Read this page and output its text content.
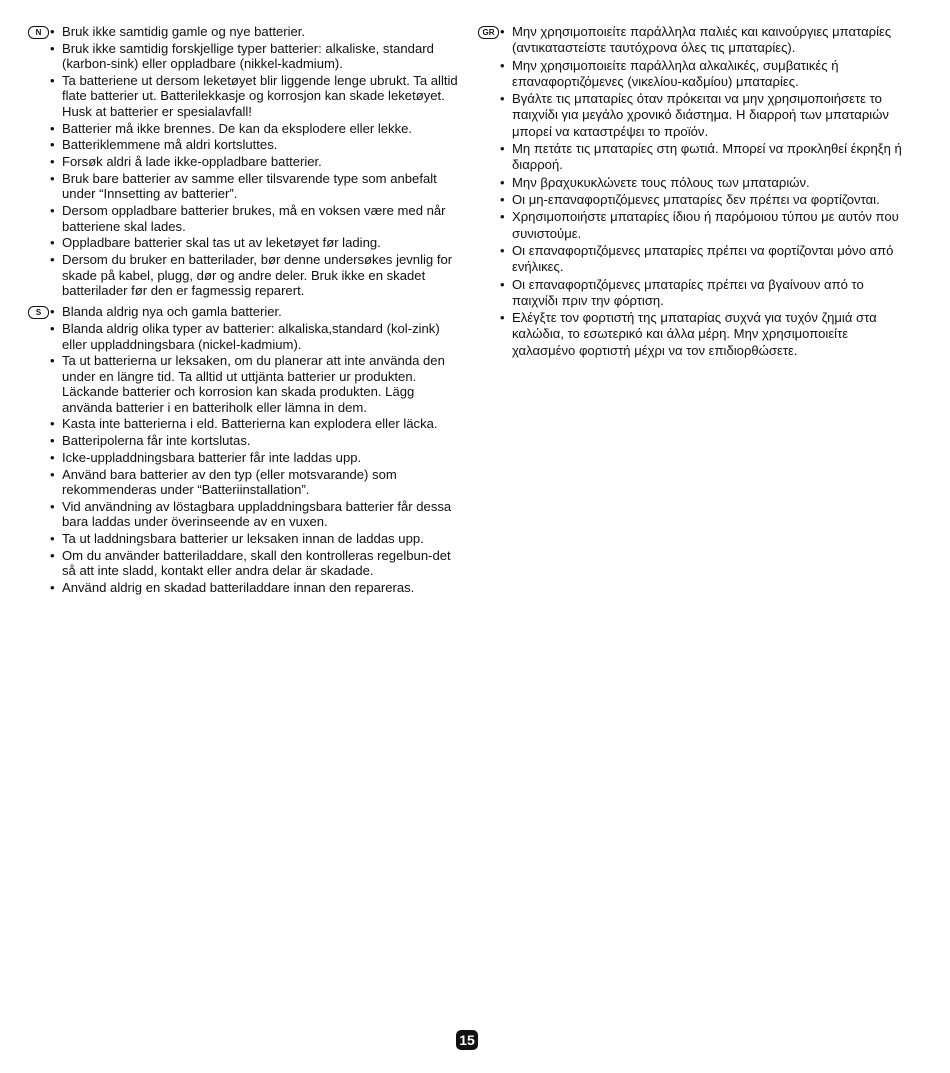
N	• Bruk ikke samtidig gamle og nye batterier.
• Bruk ikke samtidig forskjellige typer batterier: alkaliske, standard (karbon-sink) eller oppladbare (nikkel-kadmium).
• Ta batteriene ut dersom leketøyet blir liggende lenge ubrukt. Ta alltid flate batterier ut. Batterilekkasje og korrosjon kan skade leketøyet. Husk at batterier er spesialavfall!
• Batterier må ikke brennes. De kan da eksplodere eller lekke.
• Batteriklemmene må aldri kortsluttes.
• Forsøk aldri å lade ikke-oppladbare batterier.
• Bruk bare batterier av samme eller tilsvarende type som anbefalt under “Innsetting av batterier”.
• Dersom oppladbare batterier brukes, må en voksen være med når batteriene skal lades.
• Oppladbare batterier skal tas ut av leketøyet før lading.
• Dersom du bruker en batterilader, bør denne undersøkes jevnlig for skade på kabel, plugg, dør og andre deler. Bruk ikke en skadet batterilader før den er fagmessig reparert.
S	• Blanda aldrig nya och gamla batterier.
• Blanda aldrig olika typer av batterier: alkaliska,standard (kol-zink) eller uppladdningsbara (nickel-kadmium).
• Ta ut batterierna ur leksaken, om du planerar att inte använda den under en längre tid. Ta alltid ut uttjänta batterier ur produkten. Läckande batterier och korrosion kan skada produkten. Lägg använda batterier i en batteriholk eller lämna in dem.
• Kasta inte batterierna i eld. Batterierna kan explodera eller läcka.
• Batteripolerna får inte kortslutas.
• Icke-uppladdningsbara batterier får inte laddas upp.
• Använd bara batterier av den typ (eller motsvarande) som rekommenderas under “Batteriinstallation”.
• Vid användning av löstagbara uppladdningsbara batterier får dessa bara laddas under överinseende av en vuxen.
• Ta ut laddningsbara batterier ur leksaken innan de laddas upp.
• Om du använder batteriladdare, skall den kontrolleras regelbun-det så att inte sladd, kontakt eller andra delar är skadade.
• Använd aldrig en skadad batteriladdare innan den repareras.
GR	• Μην χρησιμοποιείτε παράλληλα παλιές και καινούργιες μπαταρίες (αντικαταστείστε ταυτόχρονα όλες τις μπαταρίες).
• Μην χρησιμοποιείτε παράλληλα αλκαλικές, συμβατικές ή επαναφορτιζόμενες (νικελίου-καδμίου) μπαταρίες.
• Βγάλτε τις μπαταρίες όταν πρόκειται να μην χρησιμοποιήσετε το παιχνίδι για μεγάλο χρονικό διάστημα. Η διαρροή των μπαταριών μπορεί να καταστρέψει το προϊόν.
• Μη πετάτε τις μπαταρίες στη φωτιά. Μπορεί να προκληθεί έκρηξη ή διαρροή.
• Μην βραχυκυκλώνετε τους πόλους των μπαταριών.
• Οι μη-επαναφορτιζόμενες μπαταρίες δεν πρέπει να φορτίζονται.
• Χρησιμοποιήστε μπαταρίες ίδιου ή παρόμοιου τύπου με αυτόν που συνιστούμε.
• Οι επαναφορτιζόμενες μπαταρίες πρέπει να φορτίζονται μόνο από ενήλικες.
• Οι επαναφορτιζόμενες μπαταρίες πρέπει να βγαίνουν από το παιχνίδι πριν την φόρτιση.
• Ελέγξτε τον φορτιστή της μπαταρίας συχνά για τυχόν ζημιά στα καλώδια, το εσωτερικό και άλλα μέρη. Μην χρησιμοποιείτε χαλασμένο φορτιστή μέχρι να τον επιδιορθώσετε.
15
